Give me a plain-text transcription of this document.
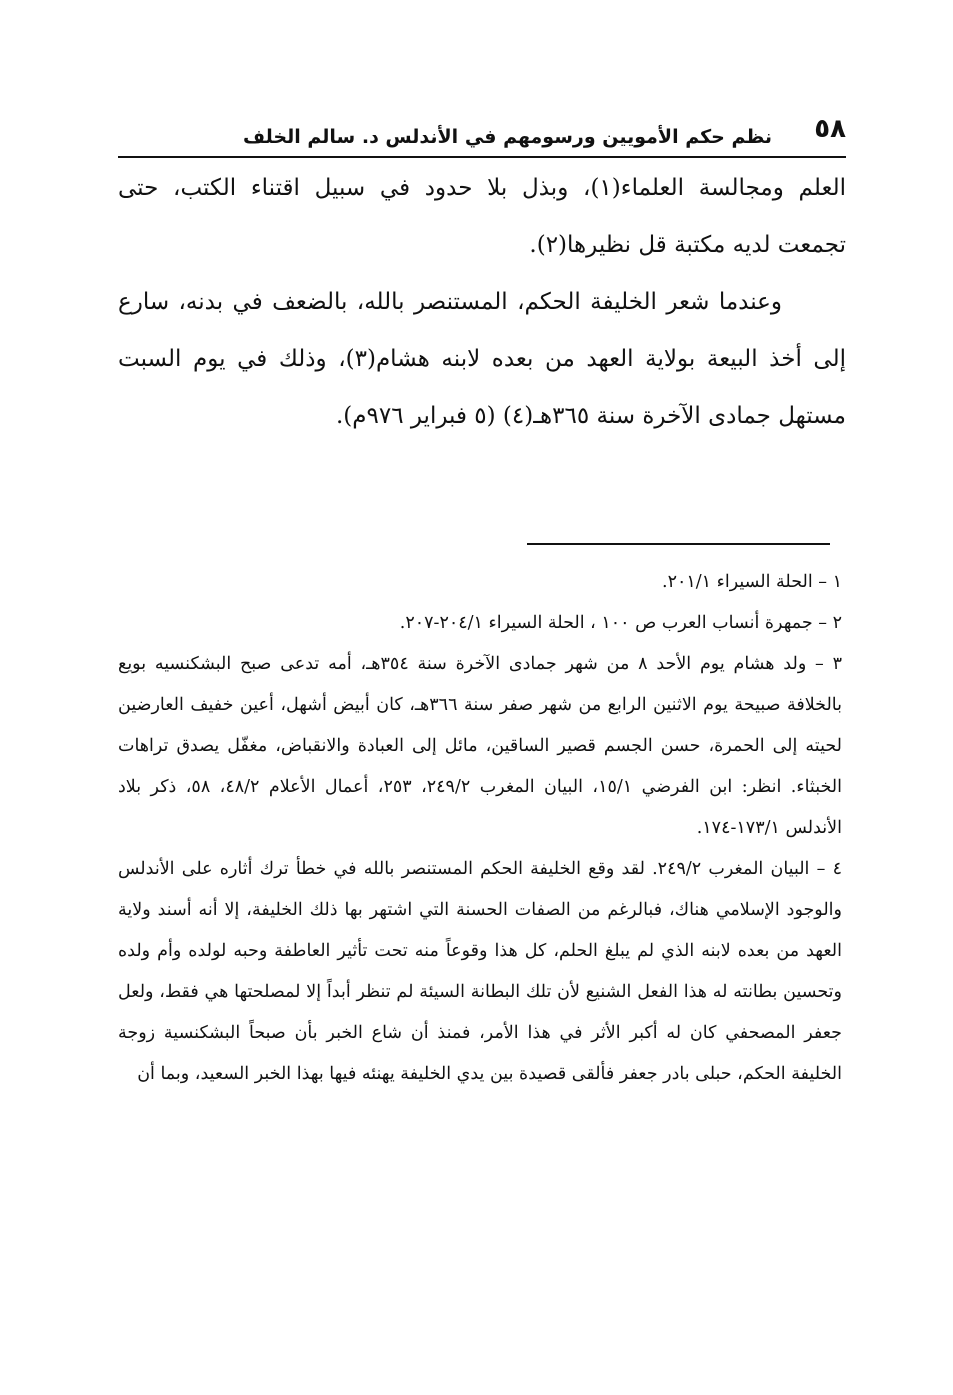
٥٨
نظم حكم الأمويين ورسومهم في الأندلس د. سالم الخلف

العلم ومجالسة العلماء(١)، وبذل بلا حدود في سبيل اقتناء الكتب، حتى تجمعت لديه مكتبة قل نظيرها(٢).

وعندما شعر الخليفة الحكم، المستنصر بالله، بالضعف في بدنه، سارع إلى أخذ البيعة بولاية العهد من بعده لابنه هشام(٣)، وذلك في يوم السبت مستهل جمادى الآخرة سنة ٣٦٥هـ(٤) (٥ فبراير ٩٧٦م).

١ – الحلة السيراء ٢٠١/١.

٢ – جمهرة أنساب العرب ص ١٠٠ ، الحلة السيراء ٢٠٤/١-٢٠٧.

٣ – ولد هشام يوم الأحد ٨ من شهر جمادى الآخرة سنة ٣٥٤هـ، أمه تدعى صبح البشكنسيه بويع بالخلافة صبيحة يوم الاثنين الرابع من شهر صفر سنة ٣٦٦هـ، كان أبيض أشهل، أعين خفيف العارضين لحيته إلى الحمرة، حسن الجسم قصير الساقين، مائل إلى العبادة والانقباض، مغفّل يصدق تراهات الخبثاء. انظر: ابن الفرضي ١٥/١، البيان المغرب ٢٤٩/٢، ٢٥٣، أعمال الأعلام ٤٨/٢، ٥٨، ذكر بلاد الأندلس ١٧٣/١-١٧٤.

٤ – البيان المغرب ٢٤٩/٢. لقد وقع الخليفة الحكم المستنصر بالله في خطأ ترك أثاره على الأندلس والوجود الإسلامي هناك، فبالرغم من الصفات الحسنة التي اشتهر بها ذلك الخليفة، إلا أنه أسند ولاية العهد من بعده لابنه الذي لم يبلغ الحلم، كل هذا وقوعاً منه تحت تأثير العاطفة وحبه لولده وأم ولده وتحسين بطانته له هذا الفعل الشنيع لأن تلك البطانة السيئة لم تنظر أبداً إلا لمصلحتها هي فقط، ولعل جعفر المصحفي كان له أكبر الأثر في هذا الأمر، فمنذ أن شاع الخبر بأن صبحاً البشكنسية زوجة الخليفة الحكم، حبلى بادر جعفر فألقى قصيدة بين يدي الخليفة يهنئه فيها بهذا الخبر السعيد، وبما أن
